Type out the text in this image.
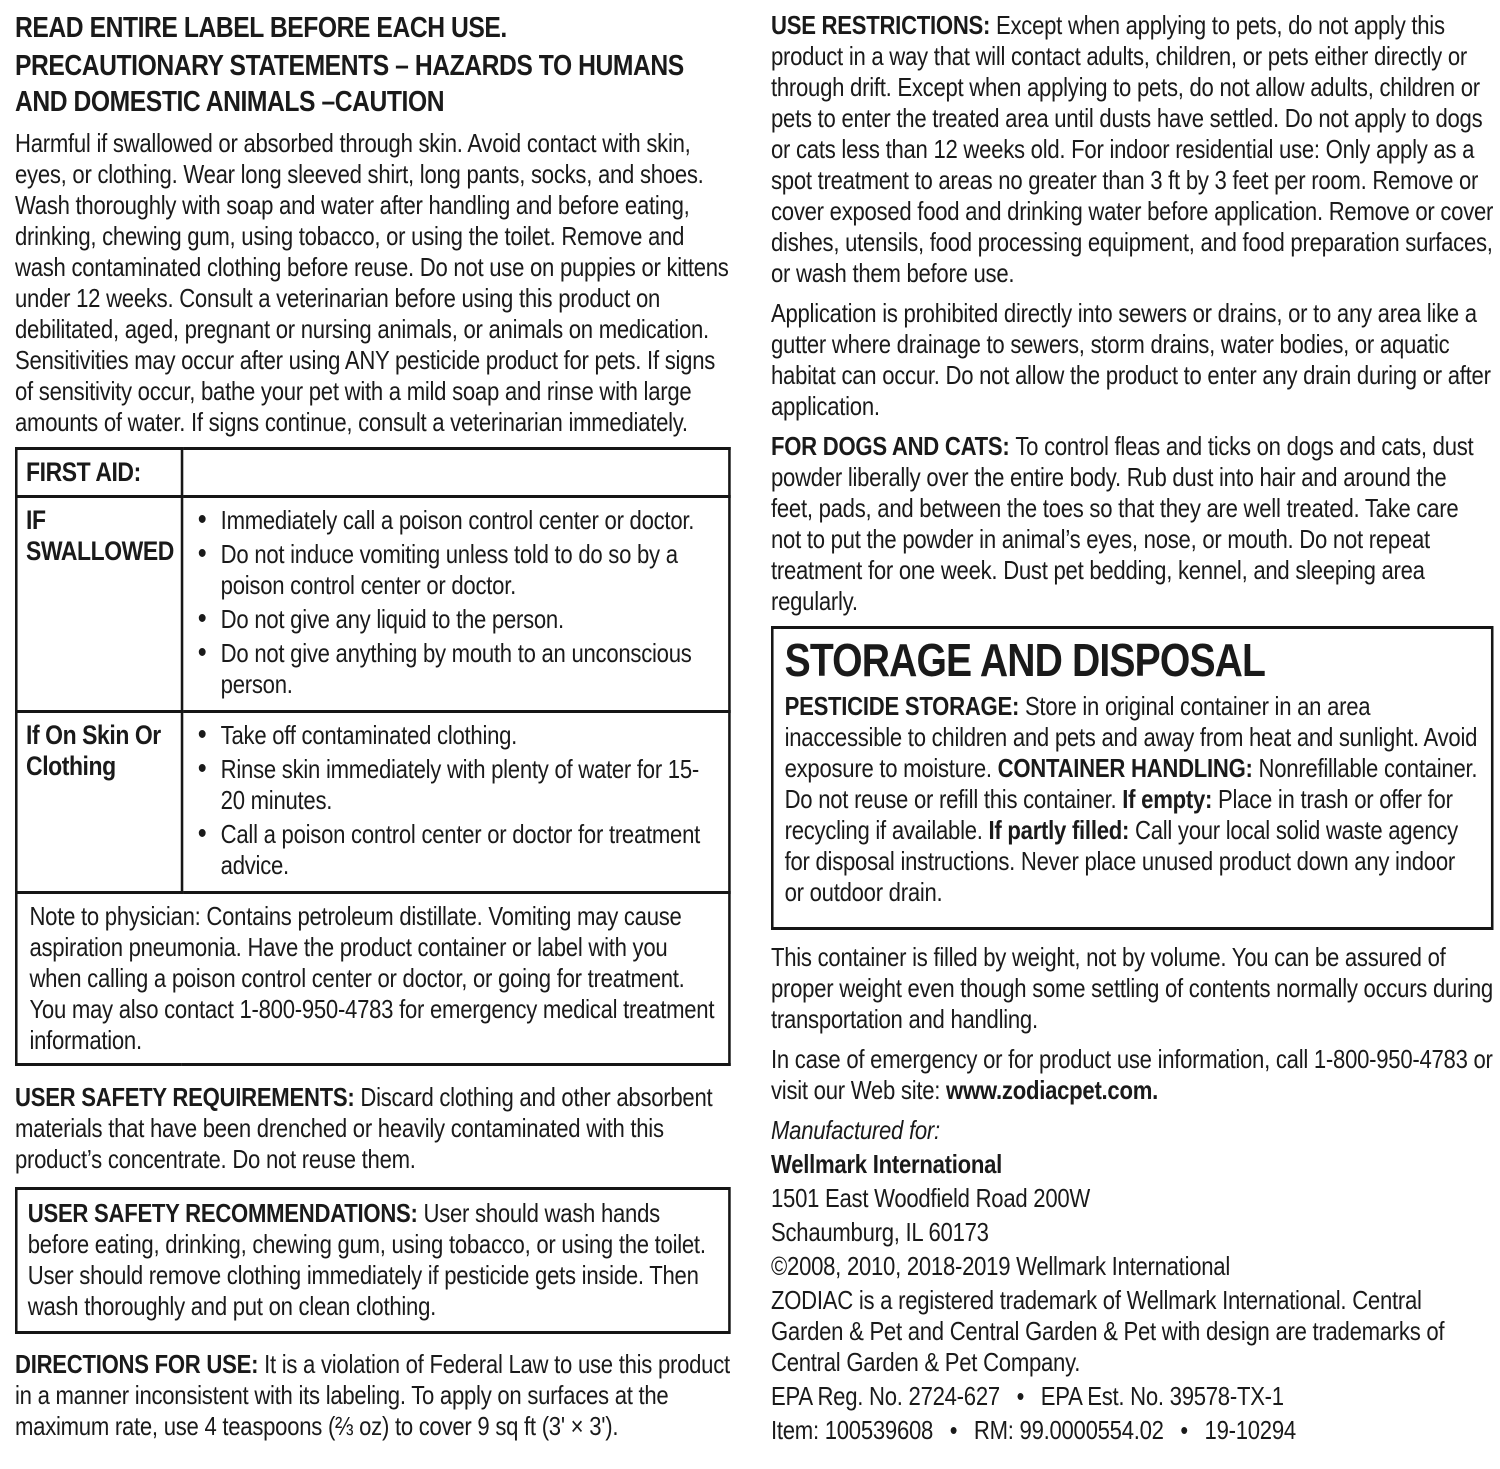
READ ENTIRE LABEL BEFORE EACH USE.
PRECAUTIONARY STATEMENTS – HAZARDS TO HUMANS AND DOMESTIC ANIMALS –CAUTION

Harmful if swallowed or absorbed through skin. Avoid contact with skin, eyes, or clothing. Wear long sleeved shirt, long pants, socks, and shoes. Wash thoroughly with soap and water after handling and before eating, drinking, chewing gum, using tobacco, or using the toilet. Remove and wash contaminated clothing before reuse. Do not use on puppies or kittens under 12 weeks. Consult a veterinarian before using this product on debilitated, aged, pregnant or nursing animals, or animals on medication. Sensitivities may occur after using ANY pesticide product for pets. If signs of sensitivity occur, bathe your pet with a mild soap and rinse with large amounts of water. If signs continue, consult a veterinarian immediately.

FIRST AID:	
IF SWALLOWED	
• Immediately call a poison control center or doctor.
• Do not induce vomiting unless told to do so by a poison control center or doctor.
• Do not give any liquid to the person.
• Do not give anything by mouth to an unconscious person.

If On Skin Or Clothing	
• Take off contaminated clothing.
• Rinse skin immediately with plenty of water for 15-20 minutes.
• Call a poison control center or doctor for treatment advice.

Note to physician: Contains petroleum distillate. Vomiting may cause aspiration pneumonia. Have the product container or label with you when calling a poison control center or doctor, or going for treatment. You may also contact 1-800-950-4783 for emergency medical treatment information.	

USER SAFETY REQUIREMENTS: Discard clothing and other absorbent materials that have been drenched or heavily contaminated with this product’s concentrate. Do not reuse them.

USER SAFETY RECOMMENDATIONS: User should wash hands before eating, drinking, chewing gum, using tobacco, or using the toilet. User should remove clothing immediately if pesticide gets inside. Then wash thoroughly and put on clean clothing.

DIRECTIONS FOR USE: It is a violation of Federal Law to use this product in a manner inconsistent with its labeling. To apply on surfaces at the maximum rate, use 4 teaspoons (⅔ oz) to cover 9 sq ft (3' × 3').

USE RESTRICTIONS: Except when applying to pets, do not apply this product in a way that will contact adults, children, or pets either directly or through drift. Except when applying to pets, do not allow adults, children or pets to enter the treated area until dusts have settled. Do not apply to dogs or cats less than 12 weeks old. For indoor residential use: Only apply as a spot treatment to areas no greater than 3 ft by 3 feet per room. Remove or cover exposed food and drinking water before application. Remove or cover dishes, utensils, food processing equipment, and food preparation surfaces, or wash them before use.

Application is prohibited directly into sewers or drains, or to any area like a gutter where drainage to sewers, storm drains, water bodies, or aquatic habitat can occur. Do not allow the product to enter any drain during or after application.

FOR DOGS AND CATS: To control fleas and ticks on dogs and cats, dust powder liberally over the entire body. Rub dust into hair and around the feet, pads, and between the toes so that they are well treated. Take care not to put the powder in animal’s eyes, nose, or mouth. Do not repeat treatment for one week. Dust pet bedding, kennel, and sleeping area regularly.

STORAGE AND DISPOSAL

PESTICIDE STORAGE: Store in original container in an area inaccessible to children and pets and away from heat and sunlight. Avoid exposure to moisture. CONTAINER HANDLING: Nonrefillable container. Do not reuse or refill this container. If empty: Place in trash or offer for recycling if available. If partly filled: Call your local solid waste agency for disposal instructions. Never place unused product down any indoor or outdoor drain.

This container is filled by weight, not by volume. You can be assured of proper weight even though some settling of contents normally occurs during transportation and handling.

In case of emergency or for product use information, call 1-800-950-4783 or visit our Web site: www.zodiacpet.com.

Manufactured for:

Wellmark International

1501 East Woodfield Road 200W

Schaumburg, IL 60173

©2008, 2010, 2018-2019 Wellmark International

ZODIAC is a registered trademark of Wellmark International. Central Garden & Pet and Central Garden & Pet with design are trademarks of Central Garden & Pet Company.

EPA Reg. No. 2724-627  •  EPA Est. No. 39578-TX-1

Item: 100539608  •  RM: 99.0000554.02  •  19-10294
